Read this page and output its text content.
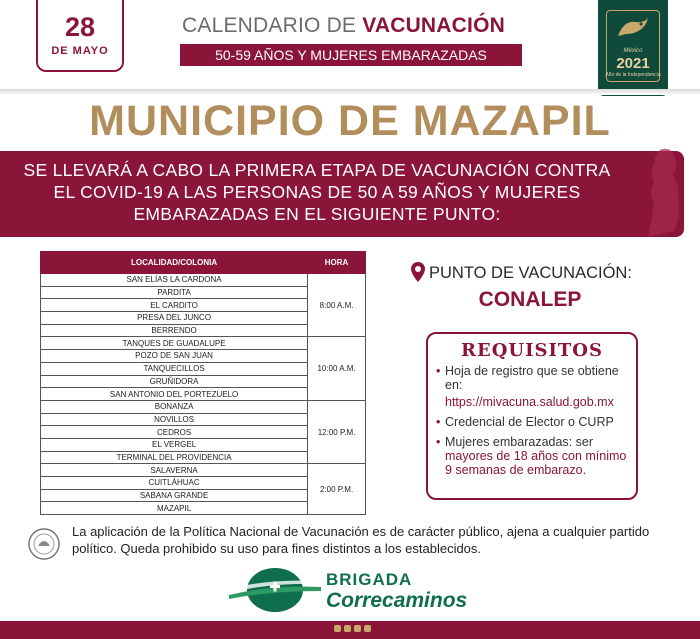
28
DE MAYO
CALENDARIO DE VACUNACIÓN
50-59 AÑOS Y MUJERES EMBARAZADAS	México
2021
Año de la Independencia
MUNICIPIO DE MAZAPIL
SE LLEVARÁ A CABO LA PRIMERA ETAPA DE VACUNACIÓN CONTRA EL COVID-19 A LAS PERSONAS DE 50 A 59 AÑOS Y MUJERES EMBARAZADAS EN EL SIGUIENTE PUNTO:
LOCALIDAD/COLONIA	HORA
SAN ELÍAS LA CARDONA	8:00 A.M.
PARDITA	
EL CARDITO	
PRESA DEL JUNCO	
BERRENDO	
TANQUES DE GUADALUPE	10:00 A.M.
POZO DE SAN JUAN	
TANQUECILLOS	
GRUÑIDORA	
SAN ANTONIO DEL PORTEZUELO	
BONANZA	12:00 P.M.
NOVILLOS	
CEDROS	
EL VERGEL	
TERMINAL DEL PROVIDENCIA	
SALAVERNA	2:00 P.M.
CUITLÁHUAC	
SABANA GRANDE	
MAZAPIL	
PUNTO DE VACUNACIÓN:
CONALEP
REQUISITOS
• Hoja de registro que se obtiene en:
https://mivacuna.salud.gob.mx
• Credencial de Elector o CURP
• Mujeres embarazadas: ser mayores de 18 años con mínimo 9 semanas de embarazo.
La aplicación de la Política Nacional de Vacunación es de carácter público, ajena a cualquier partido político. Queda prohibido su uso para fines distintos a los establecidos.
BRIGADA
Correcaminos
